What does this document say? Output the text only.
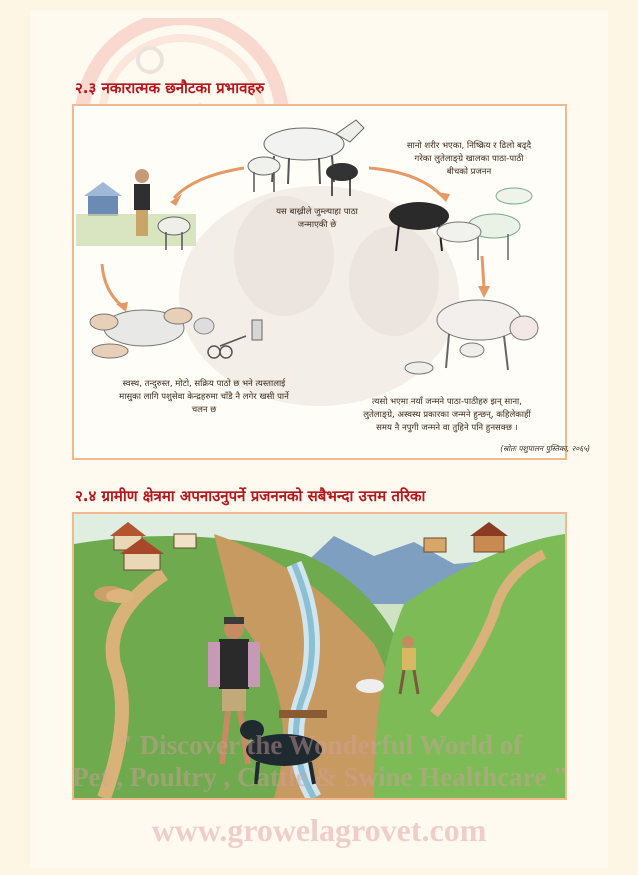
२.३ नकारात्मक छनौटका प्रभावहरु
यस बाख्रीले जुम्ल्याहा पाठा
जन्माएकी छे
सानो शरीर भएका, निष्क्रिय र ढिलो बढ्दै
गरेका लुतेलाङ्ग्रे खालका पाठा-पाठी
बीचको प्रजनन
स्वस्थ, तन्दुरुस्त, मोटो, सक्रिय पाठो छ भने त्यस्तालाई
मासुका लागि पशुसेवा केन्द्रहरुमा चाँडै नै लगेर खसी पार्ने
चलन छ
त्यसो भएमा नयाँ जन्मने पाठा-पाठीहरु झन् साना,
लुतेलाङ्ग्रे, अस्वस्थ प्रकारका जन्मने हुन्छन्, कहिलेकाहीं
समय नै नपुगी जन्मने वा तुहिने पनि हुनसक्छ ।
(स्रोतः पशुपालन पुस्तिका, २०६५)
२.४ ग्रामीण क्षेत्रमा अपनाउनुपर्ने प्रजननको सबैभन्दा उत्तम तरिका
" Discover the Wonderful World of
Pet , Poultry , Cattle & Swine Healthcare "
www.growelagrovet.com
